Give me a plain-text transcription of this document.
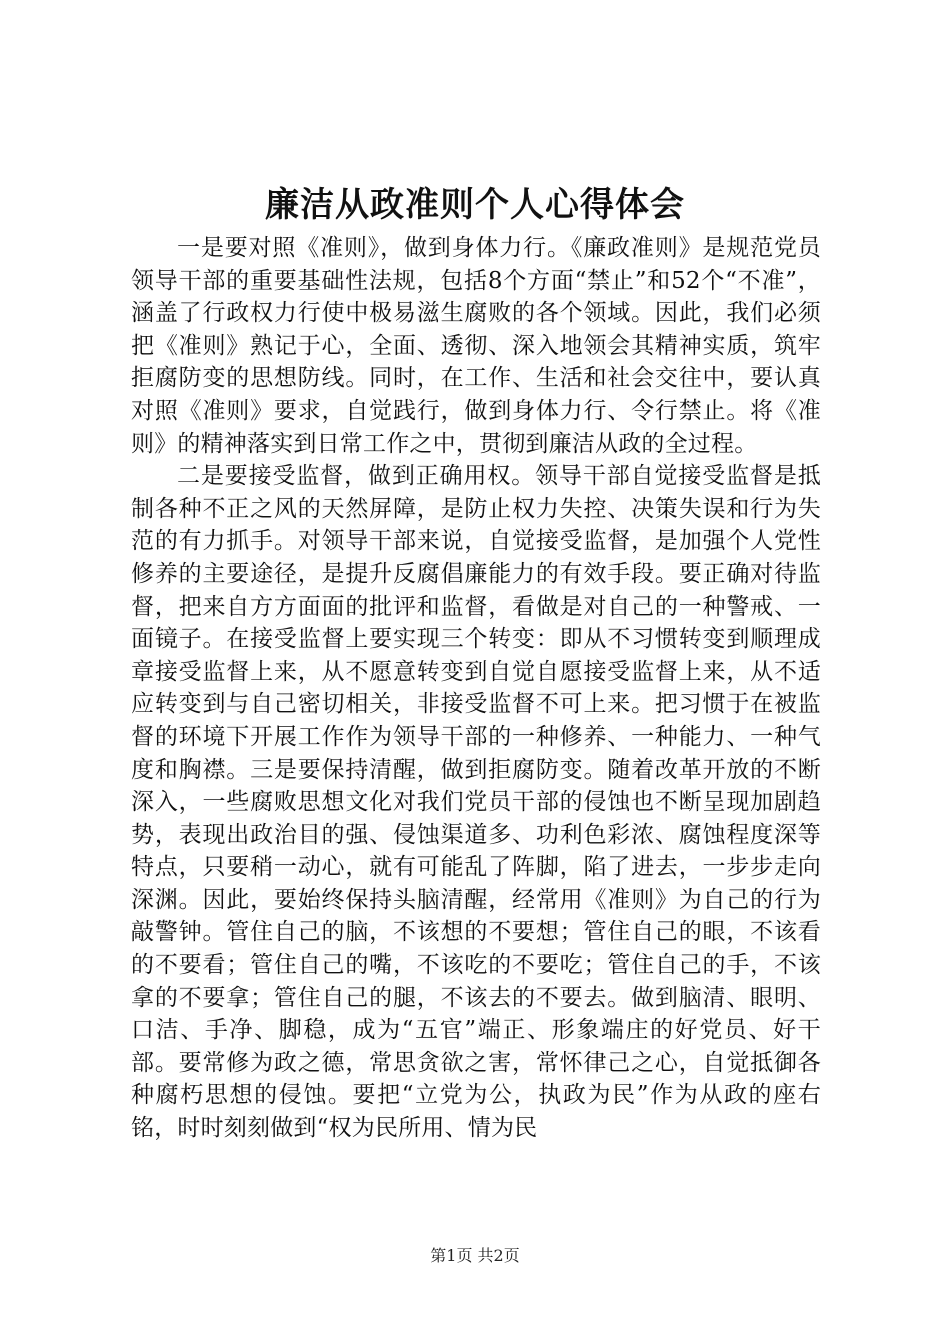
廉洁从政准则个人心得体会

一是要对照《准则》，做到身体力行。《廉政准则》是规范党员领导干部的重要基础性法规，包括8个方面“禁止”和52个“不准”，涵盖了行政权力行使中极易滋生腐败的各个领域。因此，我们必须把《准则》熟记于心，全面、透彻、深入地领会其精神实质，筑牢拒腐防变的思想防线。同时，在工作、生活和社会交往中，要认真对照《准则》要求，自觉践行，做到身体力行、令行禁止。将《准则》的精神落实到日常工作之中，贯彻到廉洁从政的全过程。

二是要接受监督，做到正确用权。领导干部自觉接受监督是抵制各种不正之风的天然屏障，是防止权力失控、决策失误和行为失范的有力抓手。对领导干部来说，自觉接受监督，是加强个人党性修养的主要途径，是提升反腐倡廉能力的有效手段。要正确对待监督，把来自方方面面的批评和监督，看做是对自己的一种警戒、一面镜子。在接受监督上要实现三个转变：即从不习惯转变到顺理成章接受监督上来，从不愿意转变到自觉自愿接受监督上来，从不适应转变到与自己密切相关，非接受监督不可上来。把习惯于在被监督的环境下开展工作作为领导干部的一种修养、一种能力、一种气度和胸襟。三是要保持清醒，做到拒腐防变。随着改革开放的不断深入，一些腐败思想文化对我们党员干部的侵蚀也不断呈现加剧趋势，表现出政治目的强、侵蚀渠道多、功利色彩浓、腐蚀程度深等特点，只要稍一动心，就有可能乱了阵脚，陷了进去，一步步走向深渊。因此，要始终保持头脑清醒，经常用《准则》为自己的行为敲警钟。管住自己的脑，不该想的不要想；管住自己的眼，不该看的不要看；管住自己的嘴，不该吃的不要吃；管住自己的手，不该拿的不要拿；管住自己的腿，不该去的不要去。做到脑清、眼明、口洁、手净、脚稳，成为“五官”端正、形象端庄的好党员、好干部。要常修为政之德，常思贪欲之害，常怀律己之心，自觉抵御各种腐朽思想的侵蚀。要把“立党为公，执政为民”作为从政的座右铭，时时刻刻做到“权为民所用、情为民

第1页 共2页
